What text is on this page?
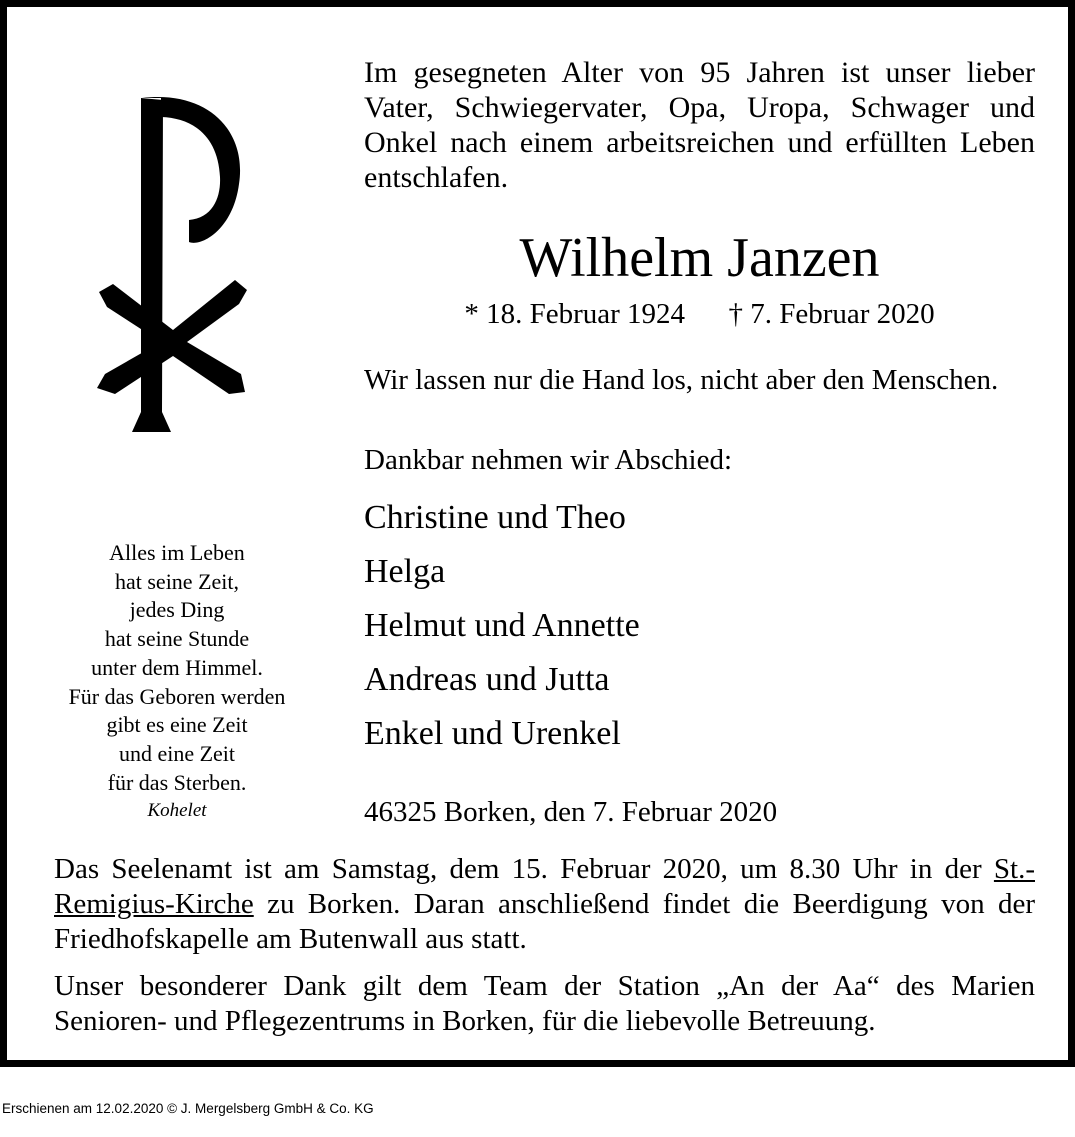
Im gesegneten Alter von 95 Jahren ist unser lieber Vater, Schwiegervater, Opa, Uropa, Schwager und Onkel nach einem arbeitsreichen und erfüllten Leben entschlafen.

Wilhelm Janzen
* 18. Februar 1924 † 7. Februar 2020
Wir lassen nur die Hand los, nicht aber den Menschen.
Dankbar nehmen wir Abschied:
Christine und Theo
Helga
Helmut und Annette
Andreas und Jutta
Enkel und Urenkel
46325 Borken, den 7. Februar 2020
Alles im Leben
hat seine Zeit,
jedes Ding
hat seine Stunde
unter dem Himmel.
Für das Geboren werden
gibt es eine Zeit
und eine Zeit
für das Sterben.
Kohelet

Das Seelenamt ist am Samstag, dem 15. Februar 2020, um 8.30 Uhr in der St.-Remigius-Kirche zu Borken. Daran anschließend findet die Beerdigung von der Friedhofskapelle am Butenwall aus statt.

Unser besonderer Dank gilt dem Team der Station „An der Aa“ des Marien Senioren- und Pflegezentrums in Borken, für die liebevolle Betreuung.

Erschienen am 12.02.2020 © J. Mergelsberg GmbH & Co. KG
